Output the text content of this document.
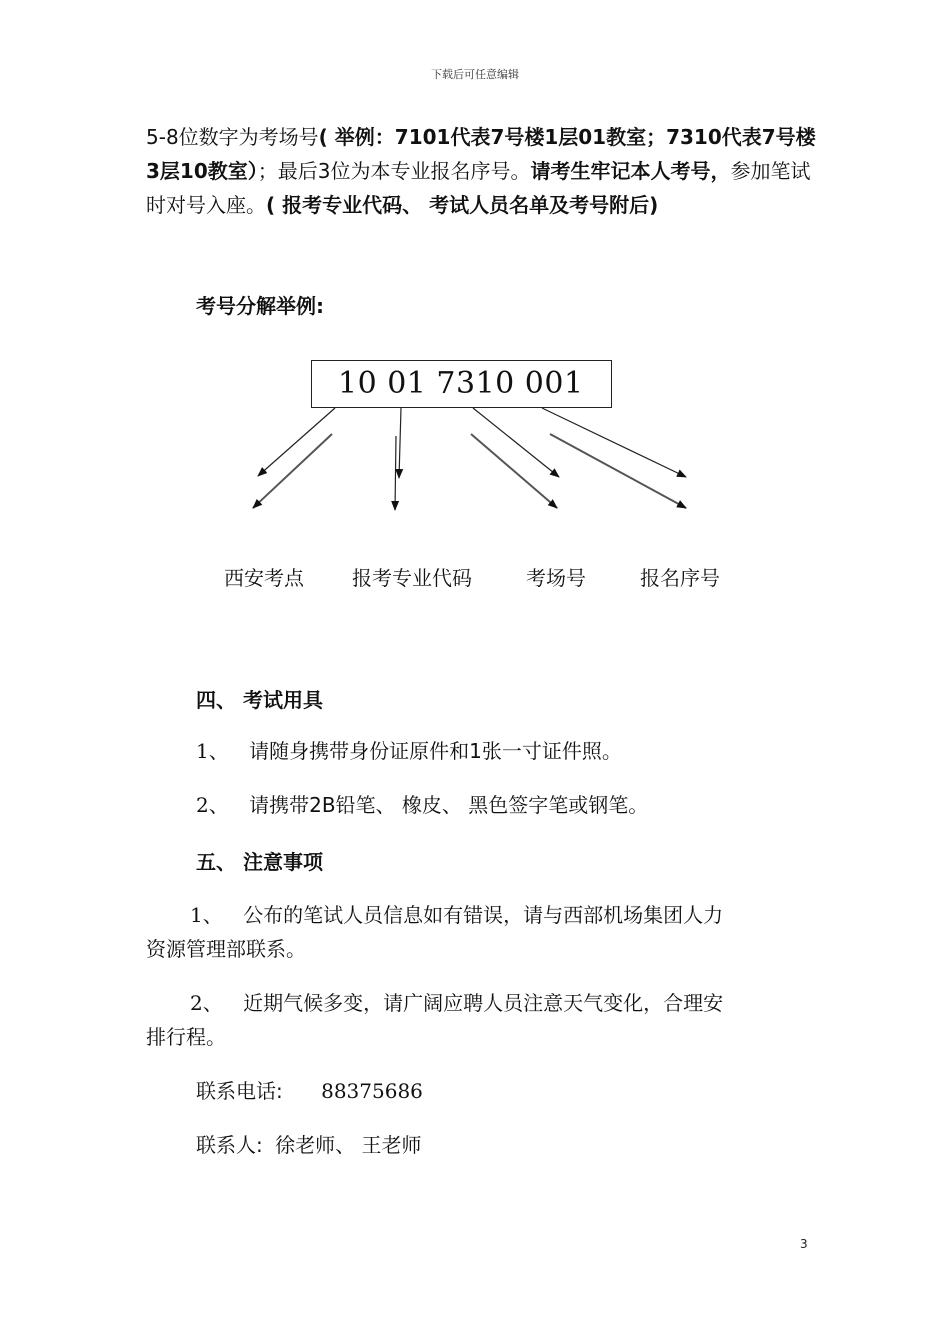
下载后可任意编辑
5-8位数字为考场号( 举例：7101代表7号楼1层01教室；7310代表7号楼3层10教室）；最后3位为本专业报名序号。请考生牢记本人考号，参加笔试时对号入座。( 报考专业代码、 考试人员名单及考号附后)
考号分解举例:
10 01 7310 001
西安考点 报考专业代码	考场号	报名序号
四、 考试用具
1、 请随身携带身份证原件和1张一寸证件照。
2、 请携带2B铅笔、 橡皮、 黑色签字笔或钢笔。
五、 注意事项
1、 公布的笔试人员信息如有错误，请与西部机场集团人力
资源管理部联系。
2、 近期气候多变，请广阔应聘人员注意天气变化，合理安
排行程。
联系电话: 88375686
联系人: 徐老师、 王老师
3
